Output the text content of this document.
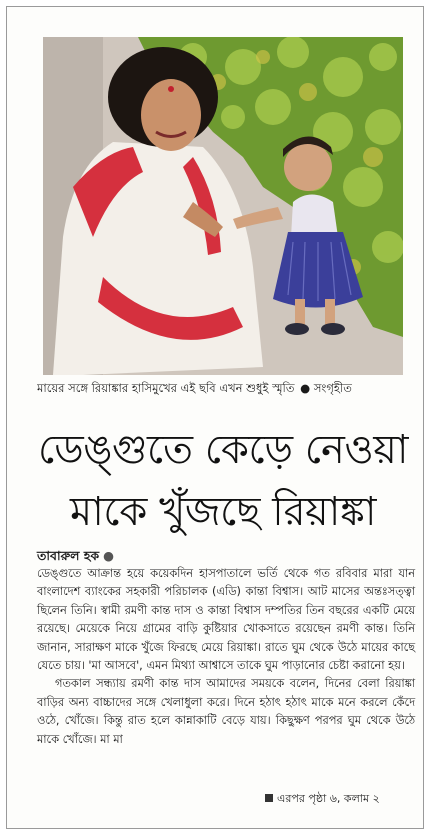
মায়ের সঙ্গে রিয়াঙ্কার হাসিমুখের এই ছবি এখন শুধুই স্মৃতি ● সংগৃহীত
ডেঙ্গুতে কেড়ে নেওয়া
মাকে খুঁজছে রিয়াঙ্কা
তাবারুল হক ●

ডেঙ্গুতে আক্রান্ত হয়ে কয়েকদিন হাসপাতালে ভর্তি থেকে গত রবিবার মারা যান বাংলাদেশ ব্যাংকের সহকারী পরিচালক (এডি) কান্তা বিশ্বাস। আট মাসের অন্তঃসত্ত্বা ছিলেন তিনি। স্বামী রমণী কান্ত দাস ও কান্তা বিশ্বাস দম্পতির তিন বছরের একটি মেয়ে রয়েছে। মেয়েকে নিয়ে গ্রামের বাড়ি কুষ্টিয়ার খোকসাতে রয়েছেন রমণী কান্ত। তিনি জানান, সারাক্ষণ মাকে খুঁজে ফিরছে মেয়ে রিয়াঙ্কা। রাতে ঘুম থেকে উঠে মায়ের কাছে যেতে চায়। 'মা আসবে', এমন মিথ্যা আশ্বাসে তাকে ঘুম পাড়ানোর চেষ্টা করানো হয়।

গতকাল সন্ধ্যায় রমণী কান্ত দাস আমাদের সময়কে বলেন, দিনের বেলা রিয়াঙ্কা বাড়ির অন্য বাচ্চাদের সঙ্গে খেলাধুলা করে। দিনে হঠাৎ হঠাৎ মাকে মনে করলে কেঁদে ওঠে, খোঁজে। কিন্তু রাত হলে কান্নাকাটি বেড়ে যায়। কিছুক্ষণ পরপর ঘুম থেকে উঠে মাকে খোঁজে। মা মা

এরপর পৃষ্ঠা ৬, কলাম ২
